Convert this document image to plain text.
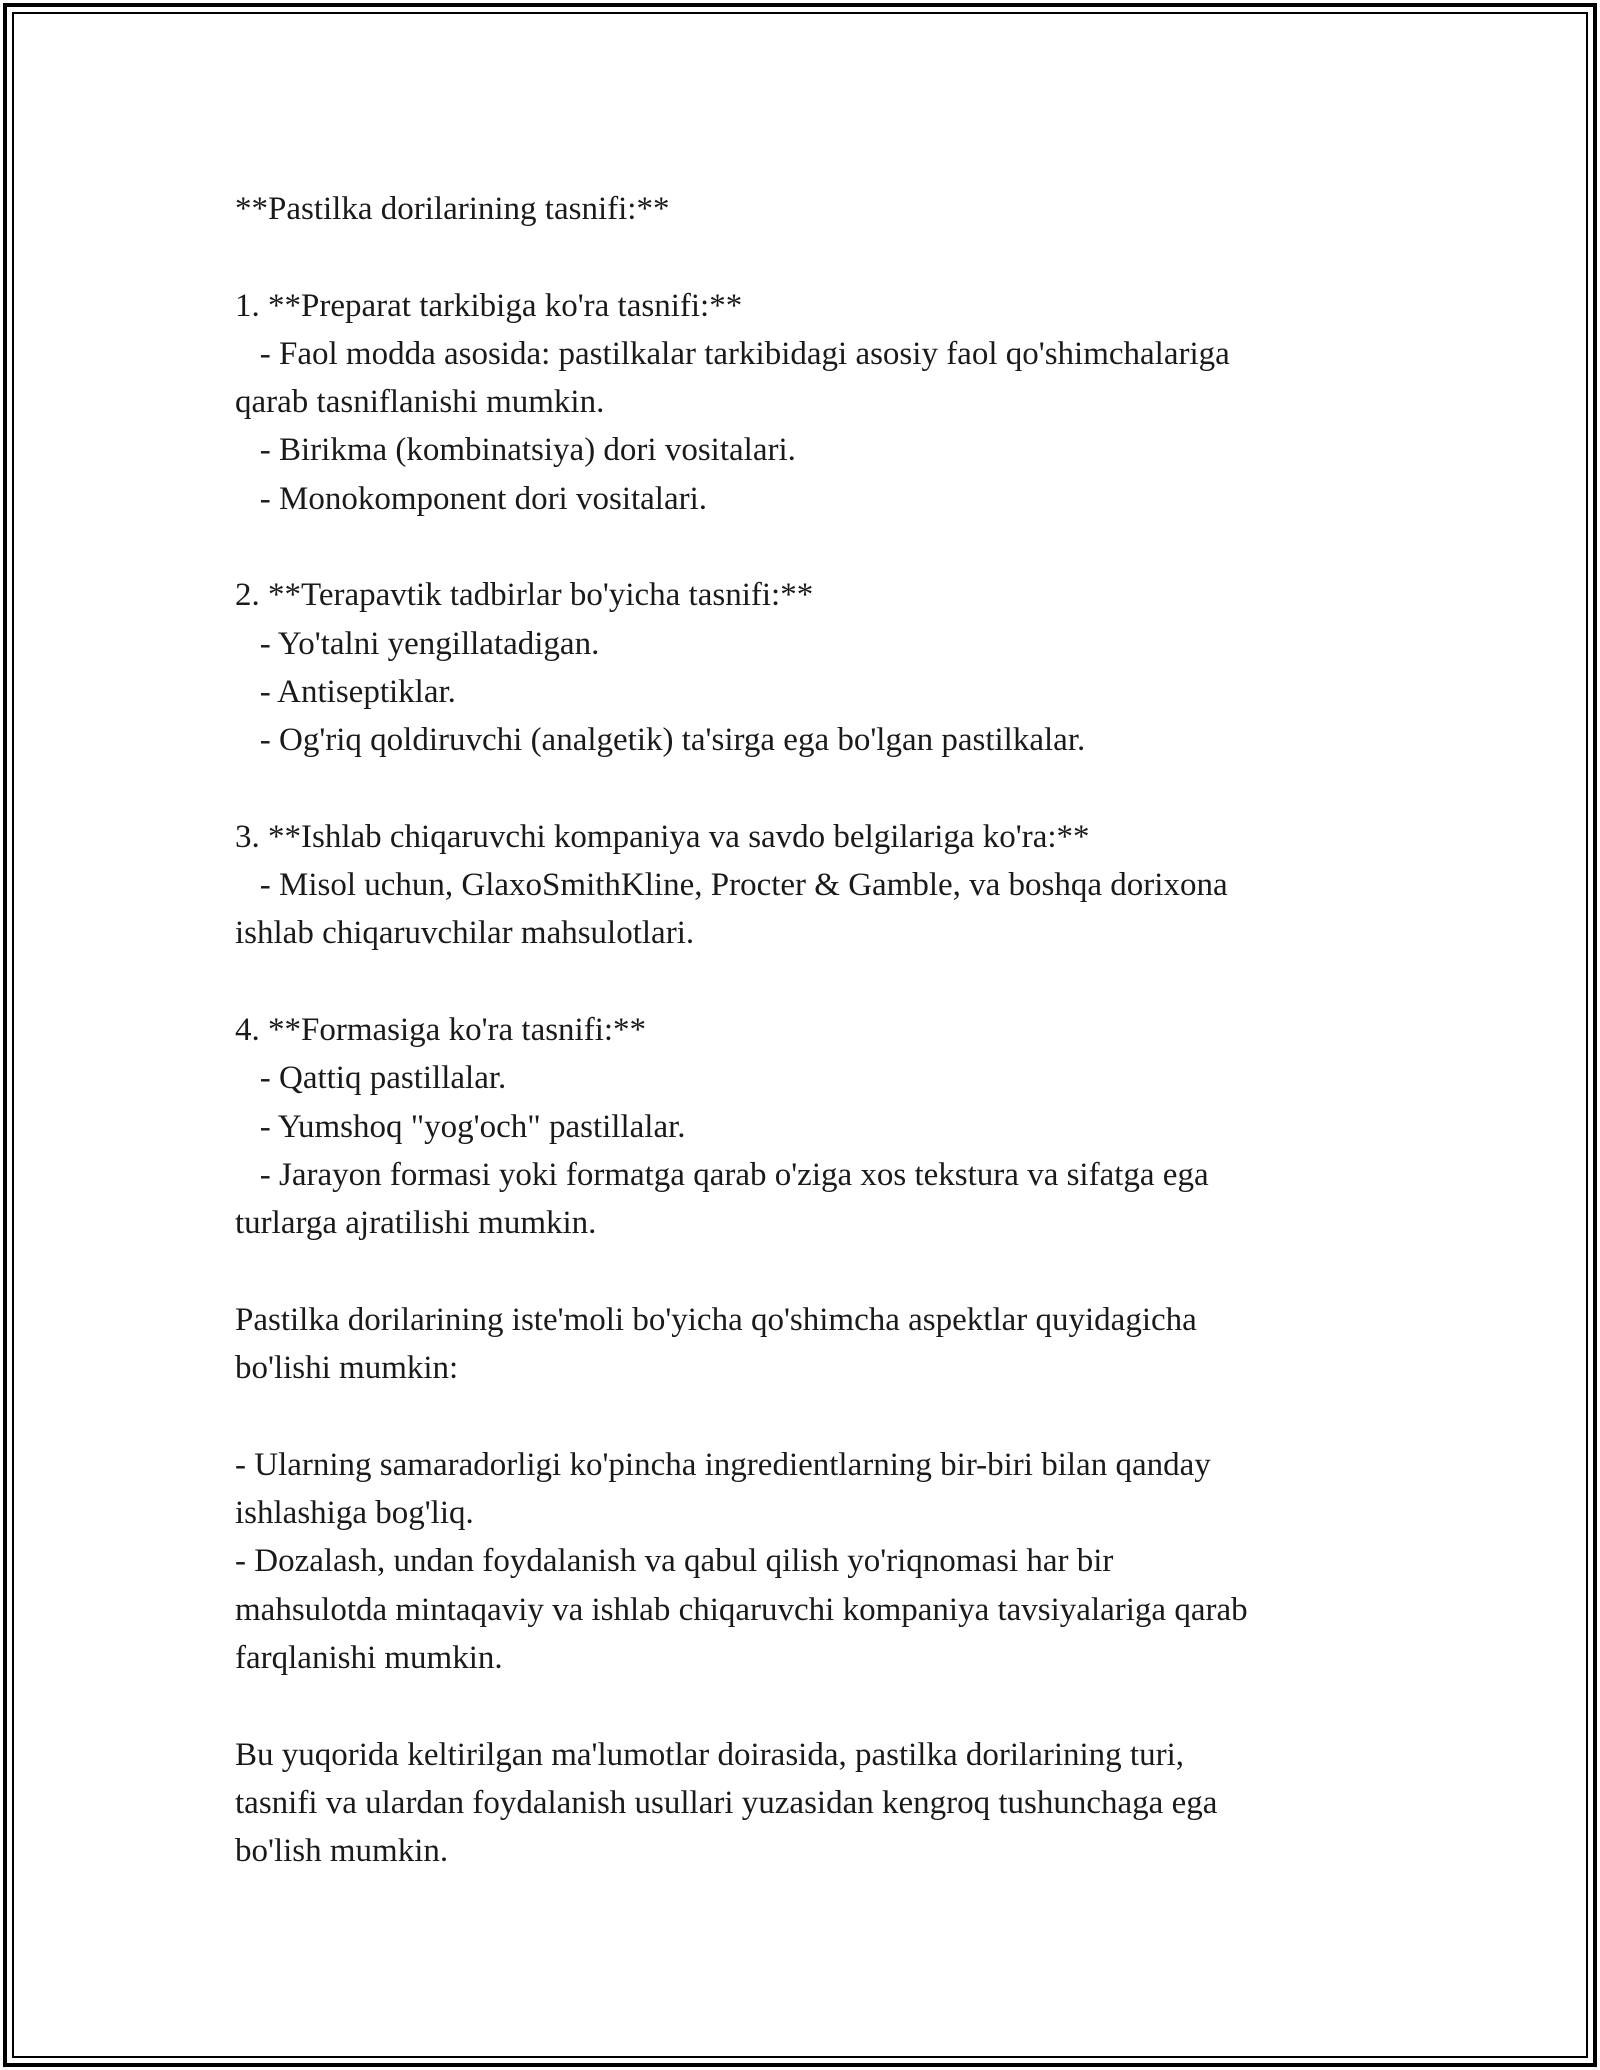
**Pastilka dorilarining tasnifi:**

1. **Preparat tarkibiga ko'ra tasnifi:**

- Faol modda asosida: pastilkalar tarkibidagi asosiy faol qo'shimchalariga

qarab tasniflanishi mumkin.

- Birikma (kombinatsiya) dori vositalari.

- Monokomponent dori vositalari.

2. **Terapavtik tadbirlar bo'yicha tasnifi:**

- Yo'talni yengillatadigan.

- Antiseptiklar.

- Og'riq qoldiruvchi (analgetik) ta'sirga ega bo'lgan pastilkalar.

3. **Ishlab chiqaruvchi kompaniya va savdo belgilariga ko'ra:**

- Misol uchun, GlaxoSmithKline, Procter & Gamble, va boshqa dorixona

ishlab chiqaruvchilar mahsulotlari.

4. **Formasiga ko'ra tasnifi:**

- Qattiq pastillalar.

- Yumshoq "yog'och" pastillalar.

- Jarayon formasi yoki formatga qarab o'ziga xos tekstura va sifatga ega

turlarga ajratilishi mumkin.

Pastilka dorilarining iste'moli bo'yicha qo'shimcha aspektlar quyidagicha

bo'lishi mumkin:

- Ularning samaradorligi ko'pincha ingredientlarning bir-biri bilan qanday

ishlashiga bog'liq.

- Dozalash, undan foydalanish va qabul qilish yo'riqnomasi har bir

mahsulotda mintaqaviy va ishlab chiqaruvchi kompaniya tavsiyalariga qarab

farqlanishi mumkin.

Bu yuqorida keltirilgan ma'lumotlar doirasida, pastilka dorilarining turi,

tasnifi va ulardan foydalanish usullari yuzasidan kengroq tushunchaga ega

bo'lish mumkin.
